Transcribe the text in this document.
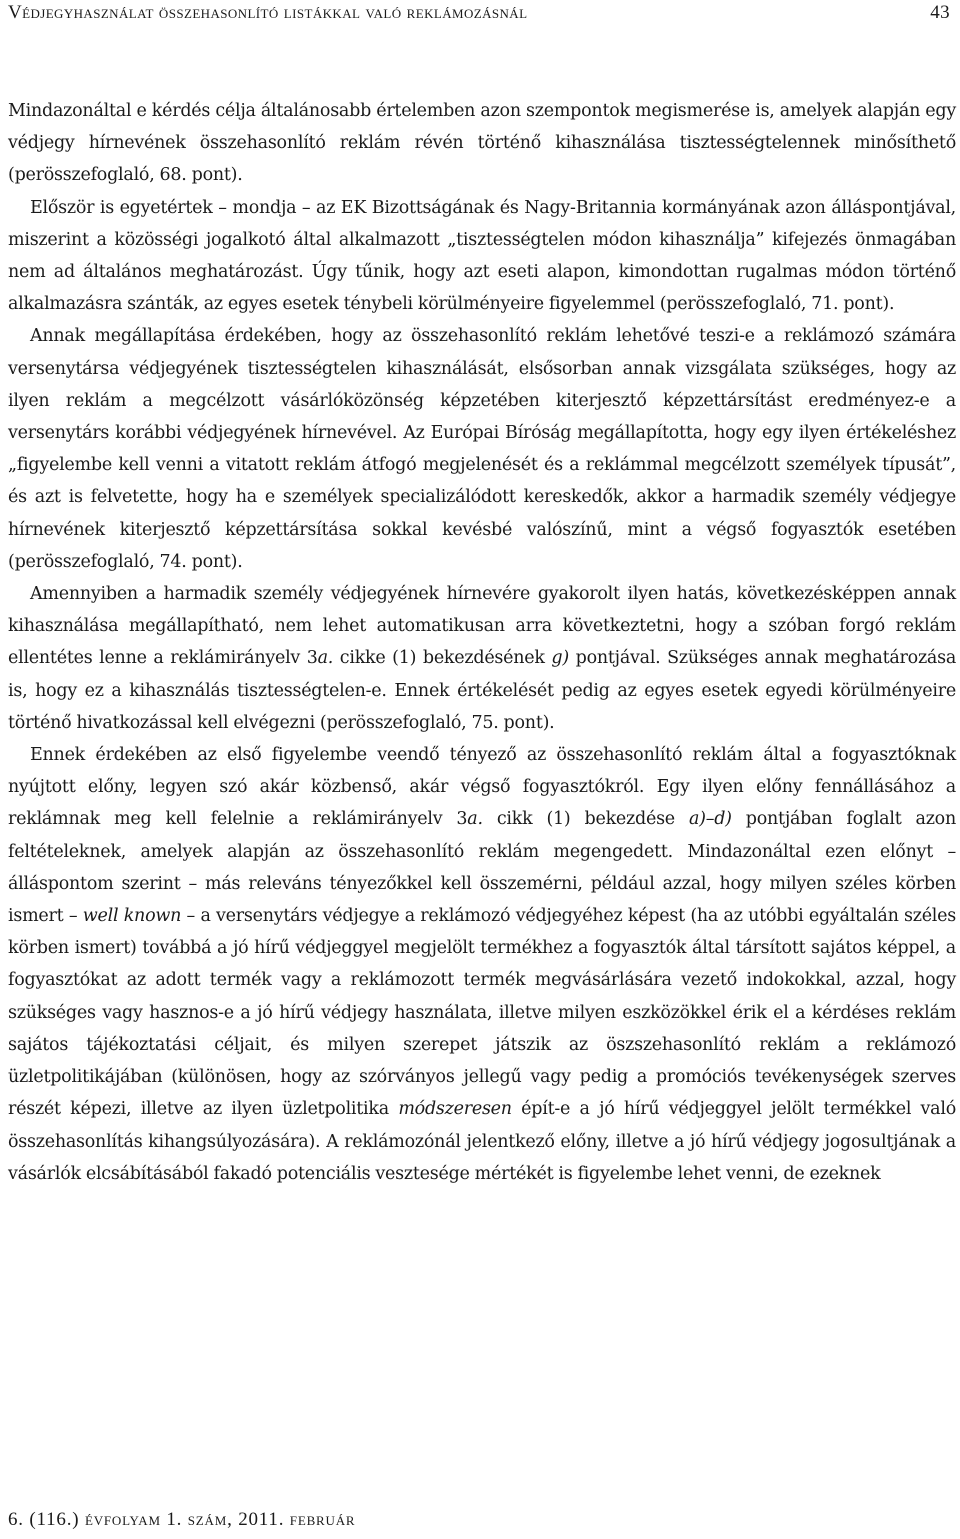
Védjegyhasználat összehasonlító listákkal való reklámozásnál	43

Mindazonáltal e kérdés célja általánosabb értelemben azon szempontok megismerése is, amelyek alapján egy védjegy hírnevének összehasonlító reklám révén történő kihasználása tisztességtelennek minősíthető (perösszefoglaló, 68. pont).

Először is egyetértek – mondja – az EK Bizottságának és Nagy-Britannia kormányának azon álláspontjával, miszerint a közösségi jogalkotó által alkalmazott „tisztességtelen módon kihasználja” kifejezés önmagában nem ad általános meghatározást. Úgy tűnik, hogy azt eseti alapon, kimondottan rugalmas módon történő alkalmazásra szánták, az egyes esetek ténybeli körülményeire figyelemmel (perösszefoglaló, 71. pont).

Annak megállapítása érdekében, hogy az összehasonlító reklám lehetővé teszi-e a reklámozó számára versenytársa védjegyének tisztességtelen kihasználását, elsősorban annak vizsgálata szükséges, hogy az ilyen reklám a megcélzott vásárlóközönség képzetében kiterjesztő képzettársítást eredményez-e a versenytárs korábbi védjegyének hírnevével. Az Európai Bíróság megállapította, hogy egy ilyen értékeléshez „figyelembe kell venni a vitatott reklám átfogó megjelenését és a reklámmal megcélzott személyek típusát”, és azt is felvetette, hogy ha e személyek specializálódott kereskedők, akkor a harmadik személy védjegye hírnevének kiterjesztő képzettársítása sokkal kevésbé valószínű, mint a végső fogyasztók esetében (perösszefoglaló, 74. pont).

Amennyiben a harmadik személy védjegyének hírnevére gyakorolt ilyen hatás, következésképpen annak kihasználása megállapítható, nem lehet automatikusan arra következtetni, hogy a szóban forgó reklám ellentétes lenne a reklámirányelv 3a. cikke (1) bekezdésének g) pontjával. Szükséges annak meghatározása is, hogy ez a kihasználás tisztességtelen-e. Ennek értékelését pedig az egyes esetek egyedi körülményeire történő hivatkozással kell elvégezni (perösszefoglaló, 75. pont).

Ennek érdekében az első figyelembe veendő tényező az összehasonlító reklám által a fogyasztóknak nyújtott előny, legyen szó akár közbenső, akár végső fogyasztókról. Egy ilyen előny fennállásához a reklámnak meg kell felelnie a reklámirányelv 3a. cikk (1) bekezdése a)–d) pontjában foglalt azon feltételeknek, amelyek alapján az összehasonlító reklám megengedett. Mindazonáltal ezen előnyt – álláspontom szerint – más releváns tényezőkkel kell összemérni, például azzal, hogy milyen széles körben ismert – well known – a versenytárs védjegye a reklámozó védjegyéhez képest (ha az utóbbi egyáltalán széles körben ismert) továbbá a jó hírű védjeggyel megjelölt termékhez a fogyasztók által társított sajátos képpel, a fogyasztókat az adott termék vagy a reklámozott termék megvásárlására vezető indokokkal, azzal, hogy szükséges vagy hasznos-e a jó hírű védjegy használata, illetve milyen eszközökkel érik el a kérdéses reklám sajátos tájékoztatási céljait, és milyen szerepet játszik az öszszehasonlító reklám a reklámozó üzletpolitikájában (különösen, hogy az szórványos jellegű vagy pedig a promóciós tevékenységek szerves részét képezi, illetve az ilyen üzletpolitika módszeresen épít-e a jó hírű védjeggyel jelölt termékkel való összehasonlítás kihangsúlyozására). A reklámozónál jelentkező előny, illetve a jó hírű védjegy jogosultjának a vásárlók elcsábításából fakadó potenciális vesztesége mértékét is figyelembe lehet venni, de ezeknek

6. (116.) évfolyam 1. szám, 2011. február
